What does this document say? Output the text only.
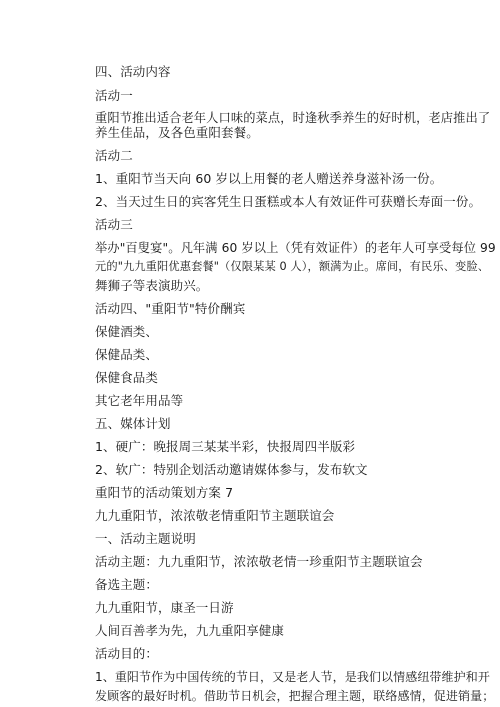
四、活动内容
活动一
重阳节推出适合老年人口味的菜点，时逢秋季养生的好时机，老店推出了
养生佳品，及各色重阳套餐。
活动二
1、重阳节当天向 60 岁以上用餐的老人赠送养身滋补汤一份。
2、当天过生日的宾客凭生日蛋糕或本人有效证件可获赠长寿面一份。
活动三
举办"百叟宴"。凡年满 60 岁以上（凭有效证件）的老年人可享受每位 99
元的"九九重阳优惠套餐"（仅限某某 0 人），额满为止。席间，有民乐、变脸、
舞狮子等表演助兴。
活动四、"重阳节"特价酬宾
保健酒类、
保健品类、
保健食品类
其它老年用品等
五、媒体计划
1、硬广：晚报周三某某半彩，快报周四半版彩
2、软广：特别企划活动邀请媒体参与，发布软文
重阳节的活动策划方案 7
九九重阳节，浓浓敬老情重阳节主题联谊会
一、活动主题说明
活动主题：九九重阳节，浓浓敬老情一珍重阳节主题联谊会
备选主题：
九九重阳节，康圣一日游
人间百善孝为先，九九重阳享健康
活动目的：
1、重阳节作为中国传统的节日，又是老人节，是我们以情感纽带维护和开
发顾客的最好时机。借助节日机会，把握合理主题，联络感情，促进销量；
